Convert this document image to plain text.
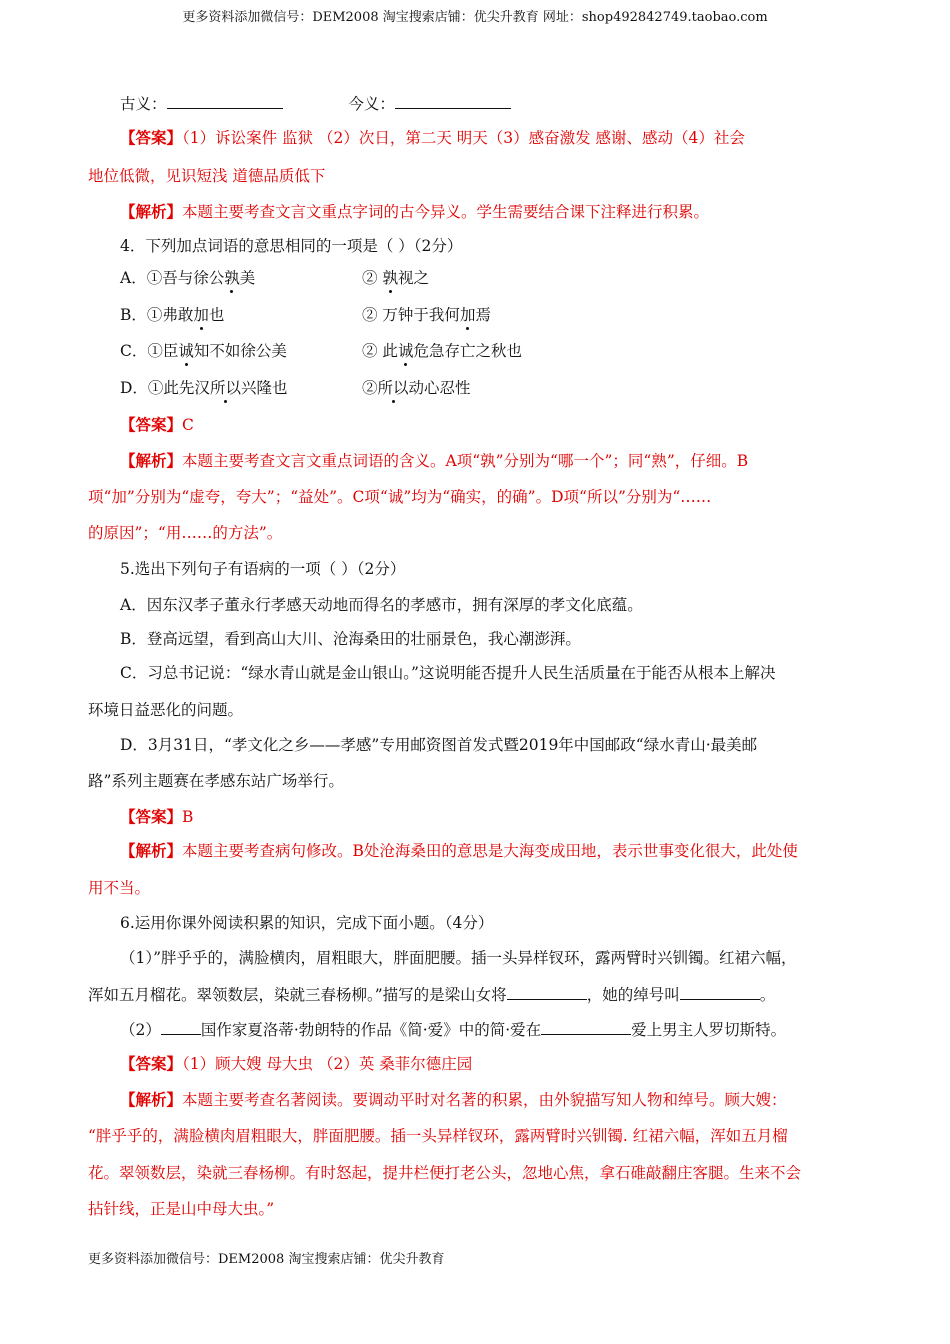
更多资料添加微信号：DEM2008 淘宝搜索店铺：优尖升教育 网址：shop492842749.taobao.com
古义：	今义：
【答案】（1）诉讼案件 监狱 （2）次日，第二天 明天（3）感奋激发 感谢、感动（4）社会
地位低微，见识短浅 道德品质低下
【解析】本题主要考查文言文重点字词的古今异义。学生需要结合课下注释进行积累。
4．下列加点词语的意思相同的一项是（ ）（2分）
A．①吾与徐公孰美	② 孰视之
B．①弗敢加也	② 万钟于我何加焉
C．①臣诚知不如徐公美	② 此诚危急存亡之秋也
D．①此先汉所以兴隆也	②所以动心忍性
【答案】C
【解析】本题主要考查文言文重点词语的含义。A项“孰”分别为“哪一个”；同“熟”，仔细。B
项“加”分别为“虚夸，夸大”；“益处”。C项“诚”均为“确实，的确”。D项“所以”分别为“……
的原因”；“用……的方法”。
5.选出下列句子有语病的一项（ ）（2分）
A．因东汉孝子董永行孝感天动地而得名的孝感市，拥有深厚的孝文化底蕴。
B．登高远望，看到高山大川、沧海桑田的壮丽景色，我心潮澎湃。
C．习总书记说：“绿水青山就是金山银山。”这说明能否提升人民生活质量在于能否从根本上解决
环境日益恶化的问题。
D．3月31日，“孝文化之乡——孝感”专用邮资图首发式暨2019年中国邮政“绿水青山·最美邮
路”系列主题赛在孝感东站广场举行。
【答案】B
【解析】本题主要考查病句修改。B处沧海桑田的意思是大海变成田地，表示世事变化很大，此处使
用不当。
6.运用你课外阅读积累的知识，完成下面小题。（4分）
（1）”胖乎乎的，满脸横肉，眉粗眼大，胖面肥腰。插一头异样钗环，露两臂时兴钏镯。红裙六幅，
浑如五月榴花。翠领数层，染就三春杨柳。”描写的是梁山女将	，她的绰号叫	。
（2）	国作家夏洛蒂·勃朗特的作品《简·爱》中的简·爱在	爱上男主人罗切斯特。
【答案】（1）顾大嫂 母大虫 （2）英 桑菲尔德庄园
【解析】本题主要考查名著阅读。要调动平时对名著的积累，由外貌描写知人物和绰号。顾大嫂：
“胖乎乎的，满脸横肉眉粗眼大，胖面肥腰。插一头异样钗环，露两臂时兴钏镯. 红裙六幅，浑如五月榴
花。翠领数层，染就三春杨柳。有时怒起，提井栏便打老公头，忽地心焦，拿石碓敲翻庄客腿。生来不会
拈针线，正是山中母大虫。”
更多资料添加微信号：DEM2008 淘宝搜索店铺：优尖升教育
